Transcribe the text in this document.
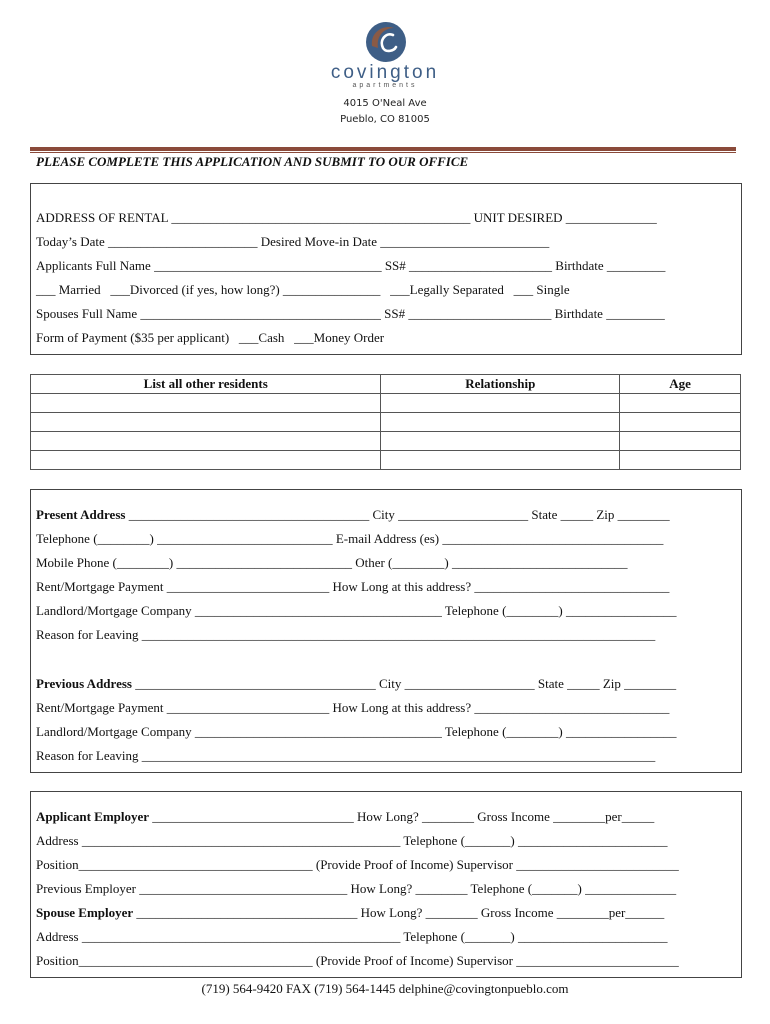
covington
apartments
4015 O'Neal Ave
Pueblo, CO 81005
PLEASE COMPLETE THIS APPLICATION AND SUBMIT TO OUR OFFICE
ADDRESS OF RENTAL ______________________________________________ UNIT DESIRED ______________
Today’s Date _______________________ Desired Move-in Date __________________________
Applicants Full Name ___________________________________ SS# ______________________ Birthdate _________
___ Married   ___Divorced (if yes, how long?) _______________   ___Legally Separated   ___ Single
Spouses Full Name _____________________________________ SS# ______________________ Birthdate _________
Form of Payment ($35 per applicant)   ___Cash   ___Money Order
List all other residents	Relationship	Age

Present Address _____________________________________ City ____________________ State _____ Zip ________
Telephone (________) ___________________________ E-mail Address (es) __________________________________
Mobile Phone (________) ___________________________ Other (________) ___________________________
Rent/Mortgage Payment _________________________ How Long at this address? ______________________________
Landlord/Mortgage Company ______________________________________ Telephone (________) _________________
Reason for Leaving _______________________________________________________________________________
Previous Address _____________________________________ City ____________________ State _____ Zip ________
Rent/Mortgage Payment _________________________ How Long at this address? ______________________________
Landlord/Mortgage Company ______________________________________ Telephone (________) _________________
Reason for Leaving _______________________________________________________________________________
Applicant Employer _______________________________ How Long? ________ Gross Income ________per_____
Address _________________________________________________ Telephone (_______) _______________________
Position____________________________________ (Provide Proof of Income) Supervisor _________________________
Previous Employer ________________________________ How Long? ________ Telephone (_______) ______________
Spouse Employer __________________________________ How Long? ________ Gross Income ________per______
Address _________________________________________________ Telephone (_______) _______________________
Position____________________________________ (Provide Proof of Income) Supervisor _________________________
(719) 564-9420 FAX (719) 564-1445 delphine@covingtonpueblo.com
